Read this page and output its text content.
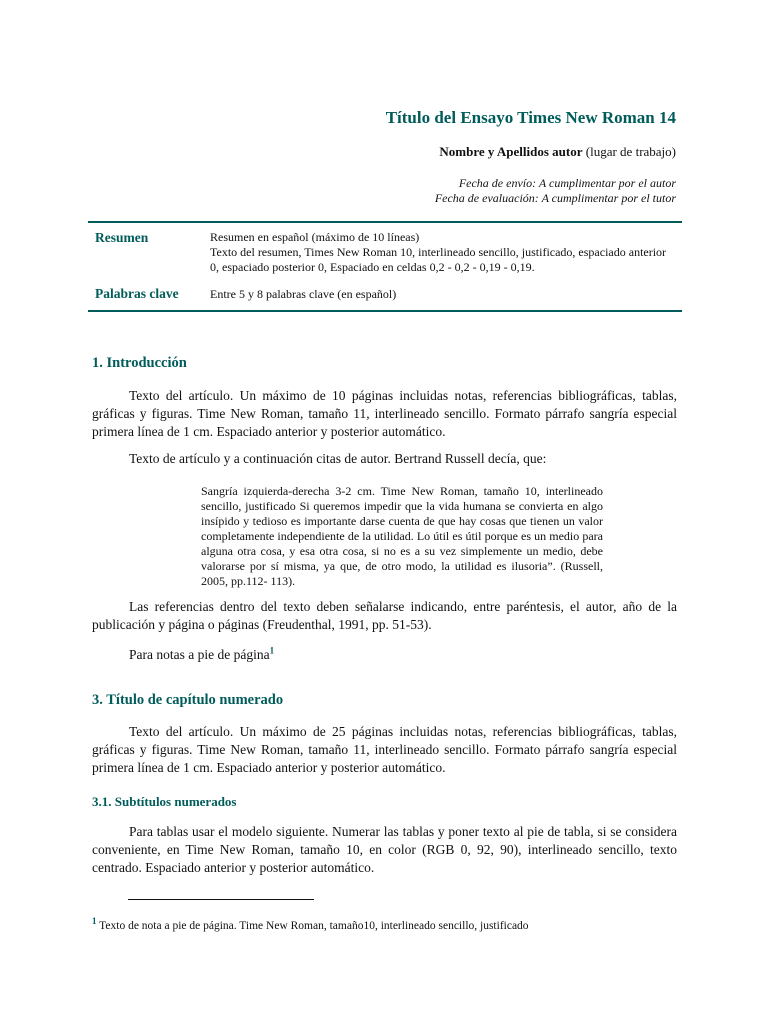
Título del Ensayo Times New Roman 14
Nombre y Apellidos autor (lugar de trabajo)
Fecha de envío: A cumplimentar por el autor
Fecha de evaluación: A cumplimentar por el tutor
Resumen	Resumen en español (máximo de 10 líneas)
Texto del resumen, Times New Roman 10, interlineado sencillo, justificado, espaciado anterior 0, espaciado posterior 0, Espaciado en celdas 0,2 - 0,2 - 0,19 - 0,19.
Palabras clave	Entre 5 y 8 palabras clave (en español)
1. Introducción
Texto del artículo. Un máximo de 10 páginas incluidas notas, referencias bibliográficas, tablas, gráficas y figuras. Time New Roman, tamaño 11, interlineado sencillo. Formato párrafo sangría especial primera línea de 1 cm. Espaciado anterior y posterior automático.
Texto de artículo y a continuación citas de autor. Bertrand Russell decía, que:
Sangría izquierda-derecha 3-2 cm. Time New Roman, tamaño 10, interlineado sencillo, justificado Si queremos impedir que la vida humana se convierta en algo insípido y tedioso es importante darse cuenta de que hay cosas que tienen un valor completamente independiente de la utilidad. Lo útil es útil porque es un medio para alguna otra cosa, y esa otra cosa, si no es a su vez simplemente un medio, debe valorarse por sí misma, ya que, de otro modo, la utilidad es ilusoria”. (Russell, 2005, pp.112- 113).
Las referencias dentro del texto deben señalarse indicando, entre paréntesis, el autor, año de la publicación y página o páginas (Freudenthal, 1991, pp. 51-53).
Para notas a pie de página$^1$
3. Título de capítulo numerado
Texto del artículo. Un máximo de 25 páginas incluidas notas, referencias bibliográficas, tablas, gráficas y figuras. Time New Roman, tamaño 11, interlineado sencillo. Formato párrafo sangría especial primera línea de 1 cm. Espaciado anterior y posterior automático.
3.1. Subtítulos numerados
Para tablas usar el modelo siguiente. Numerar las tablas y poner texto al pie de tabla, si se considera conveniente, en Time New Roman, tamaño 10, en color (RGB 0, 92, 90), interlineado sencillo, texto centrado. Espaciado anterior y posterior automático.
$^1$ Texto de nota a pie de página. Time New Roman, tamaño10, interlineado sencillo, justificado
